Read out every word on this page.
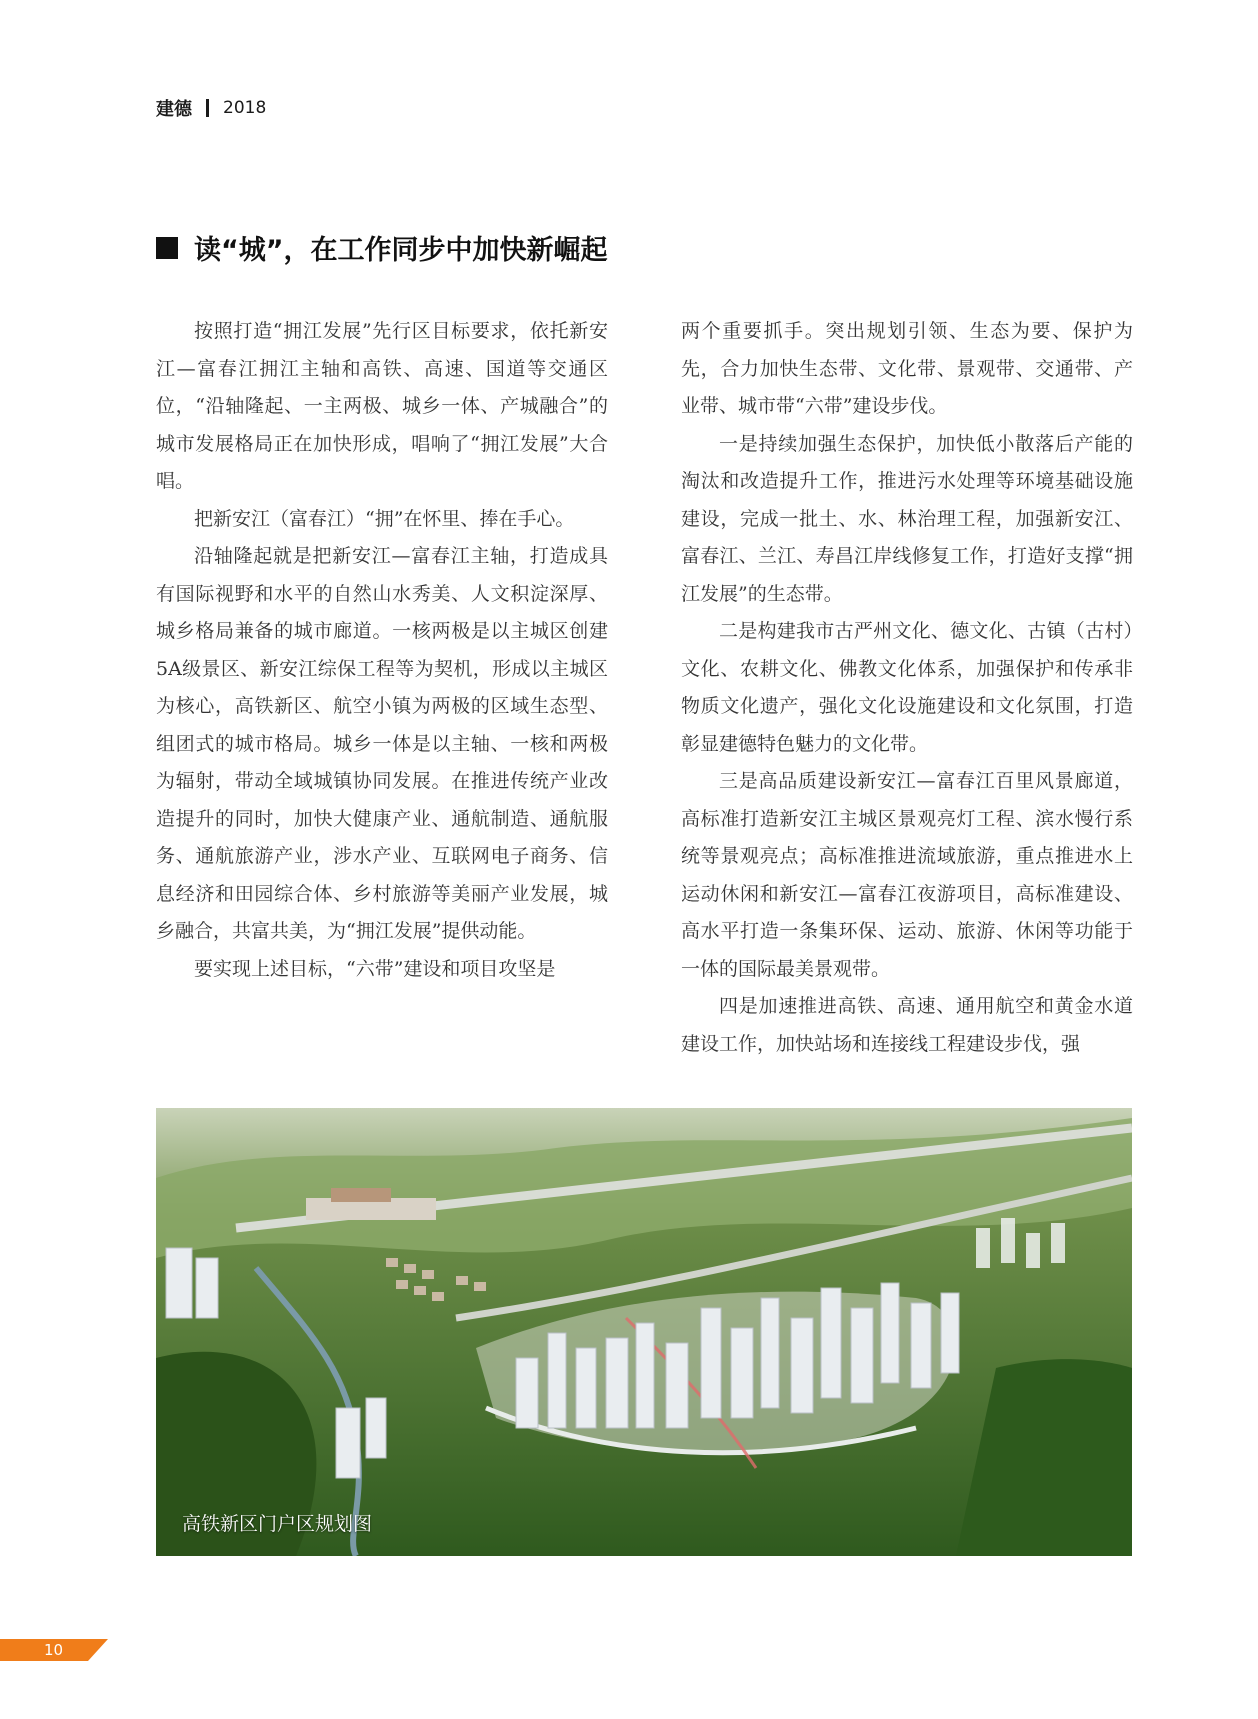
建德 2018
读“城”，在工作同步中加快新崛起

按照打造“拥江发展”先行区目标要求，依托新安江—富春江拥江主轴和高铁、高速、国道等交通区位，“沿轴隆起、一主两极、城乡一体、产城融合”的城市发展格局正在加快形成，唱响了“拥江发展”大合唱。

把新安江（富春江）“拥”在怀里、捧在手心。

沿轴隆起就是把新安江—富春江主轴，打造成具有国际视野和水平的自然山水秀美、人文积淀深厚、城乡格局兼备的城市廊道。一核两极是以主城区创建5A级景区、新安江综保工程等为契机，形成以主城区为核心，高铁新区、航空小镇为两极的区域生态型、组团式的城市格局。城乡一体是以主轴、一核和两极为辐射，带动全域城镇协同发展。在推进传统产业改造提升的同时，加快大健康产业、通航制造、通航服务、通航旅游产业，涉水产业、互联网电子商务、信息经济和田园综合体、乡村旅游等美丽产业发展，城乡融合，共富共美，为“拥江发展”提供动能。

要实现上述目标，“六带”建设和项目攻坚是

两个重要抓手。突出规划引领、生态为要、保护为先，合力加快生态带、文化带、景观带、交通带、产业带、城市带“六带”建设步伐。

一是持续加强生态保护，加快低小散落后产能的淘汰和改造提升工作，推进污水处理等环境基础设施建设，完成一批土、水、林治理工程，加强新安江、富春江、兰江、寿昌江岸线修复工作，打造好支撑“拥江发展”的生态带。

二是构建我市古严州文化、德文化、古镇（古村）文化、农耕文化、佛教文化体系，加强保护和传承非物质文化遗产，强化文化设施建设和文化氛围，打造彰显建德特色魅力的文化带。

三是高品质建设新安江—富春江百里风景廊道，高标准打造新安江主城区景观亮灯工程、滨水慢行系统等景观亮点；高标准推进流域旅游，重点推进水上运动休闲和新安江—富春江夜游项目，高标准建设、高水平打造一条集环保、运动、旅游、休闲等功能于一体的国际最美景观带。

四是加速推进高铁、高速、通用航空和黄金水道建设工作，加快站场和连接线工程建设步伐，强

高铁新区门户区规划图
10
